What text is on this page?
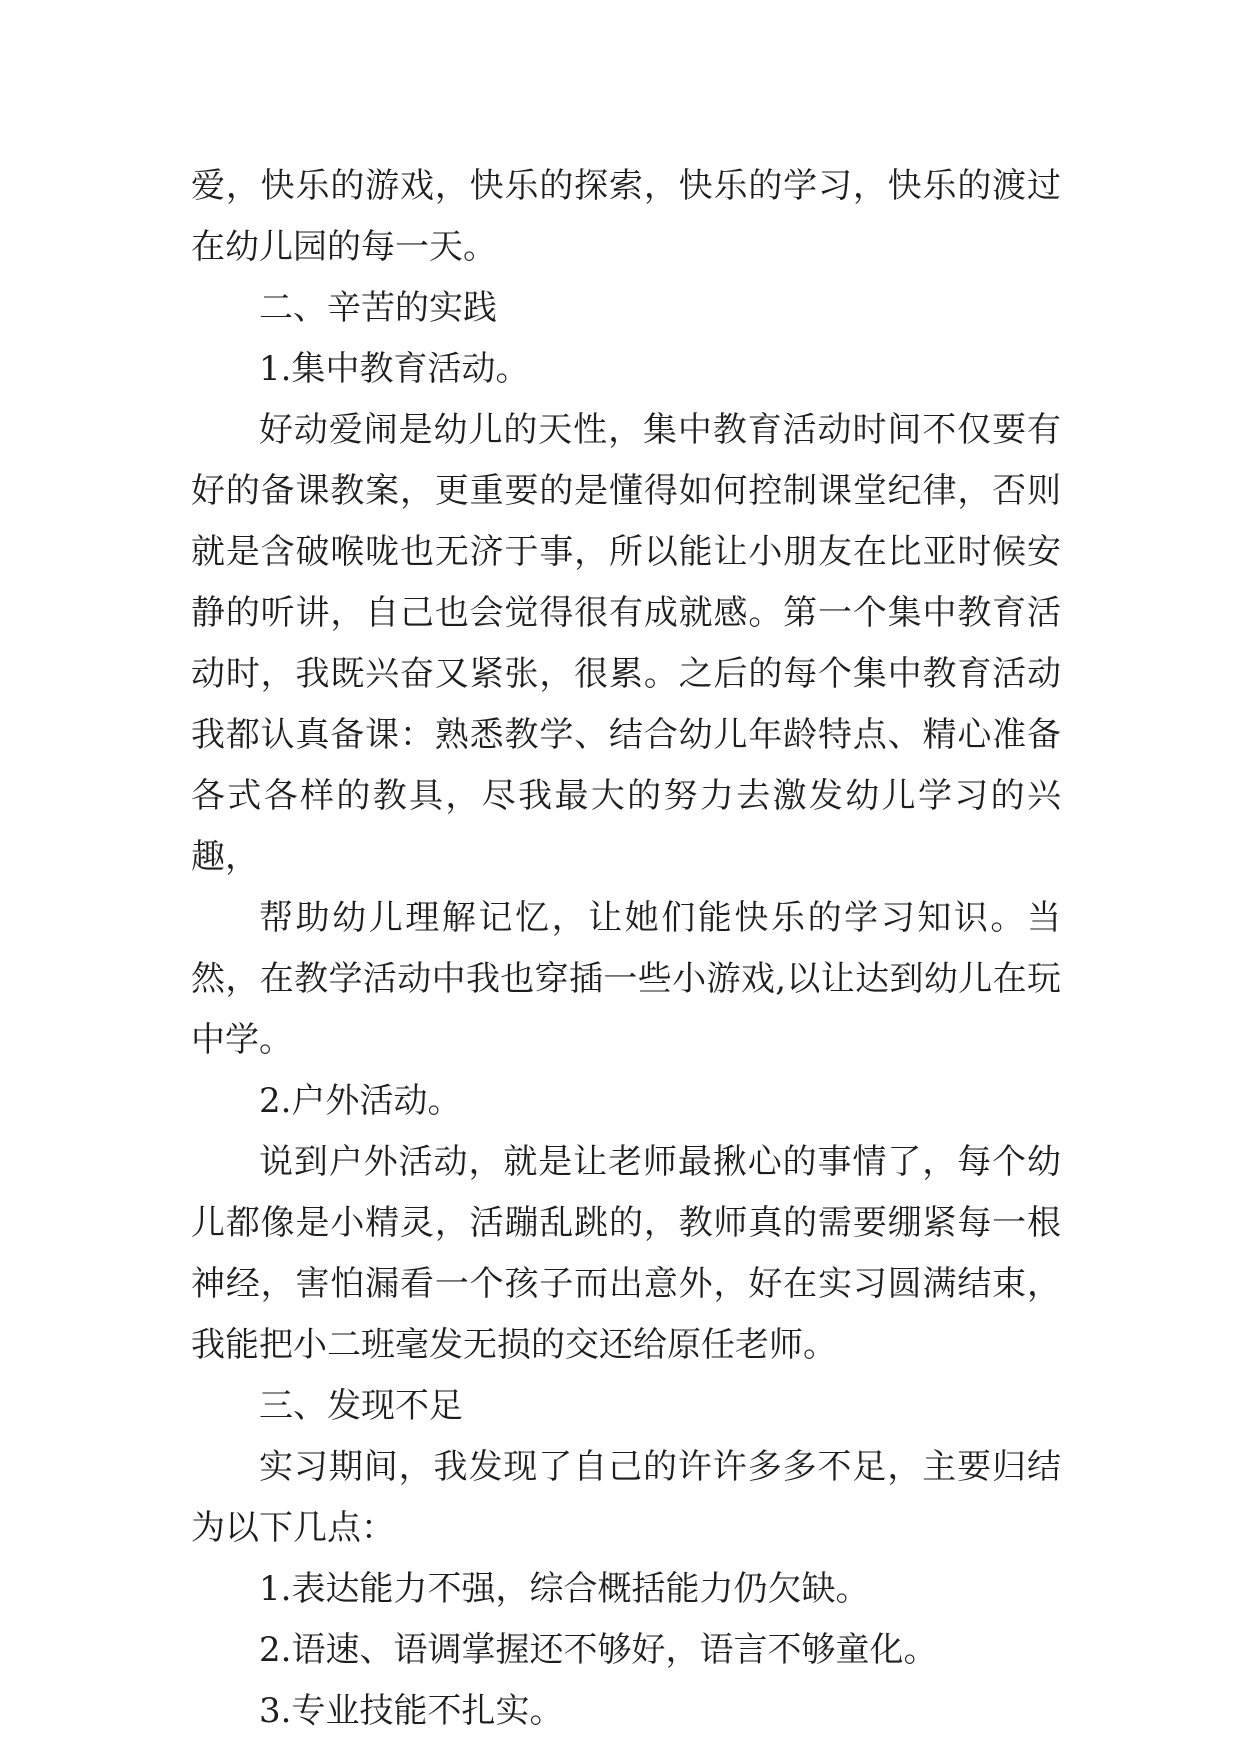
爱，快乐的游戏，快乐的探索，快乐的学习，快乐的渡过在幼儿园的每一天。

二、辛苦的实践

1.集中教育活动。

好动爱闹是幼儿的天性，集中教育活动时间不仅要有好的备课教案，更重要的是懂得如何控制课堂纪律，否则就是含破喉咙也无济于事，所以能让小朋友在比亚时候安静的听讲，自己也会觉得很有成就感。第一个集中教育活动时，我既兴奋又紧张，很累。之后的每个集中教育活动我都认真备课：熟悉教学、结合幼儿年龄特点、精心准备各式各样的教具，尽我最大的努力去激发幼儿学习的兴趣，

帮助幼儿理解记忆，让她们能快乐的学习知识。当然，在教学活动中我也穿插一些小游戏,以让达到幼儿在玩中学。

2.户外活动。

说到户外活动，就是让老师最揪心的事情了，每个幼儿都像是小精灵，活蹦乱跳的，教师真的需要绷紧每一根神经，害怕漏看一个孩子而出意外，好在实习圆满结束，我能把小二班毫发无损的交还给原任老师。

三、发现不足

实习期间，我发现了自己的许许多多不足，主要归结为以下几点：

1.表达能力不强，综合概括能力仍欠缺。

2.语速、语调掌握还不够好，语言不够童化。

3.专业技能不扎实。
